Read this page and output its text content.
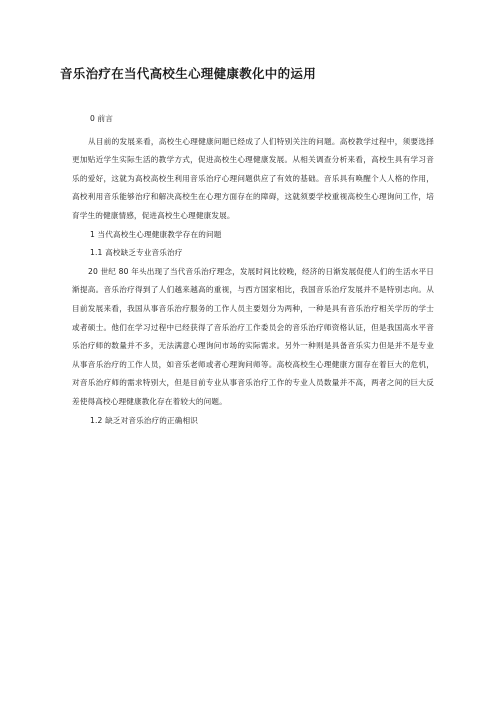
音乐治疗在当代高校生心理健康教化中的运用

0 前言

从目前的发展来看，高校生心理健康问题已经成了人们特别关注的问题。高校教学过程中，须要选择更加贴近学生实际生活的教学方式，促进高校生心理健康发展。从相关调查分析来看，高校生具有学习音乐的爱好，这就为高校高校生利用音乐治疗心理问题供应了有效的基础。音乐具有唤醒个人人格的作用，高校利用音乐能够治疗和解决高校生在心理方面存在的障碍，这就须要学校重视高校生心理询问工作，培育学生的健康情感，促进高校生心理健康发展。

1 当代高校生心理健康教学存在的问题

1.1 高校缺乏专业音乐治疗

20 世纪 80 年头出现了当代音乐治疗理念，发展时间比较晚，经济的日渐发展促使人们的生活水平日渐提高。音乐治疗得到了人们越来越高的重视，与西方国家相比，我国音乐治疗发展并不是特别志向。从目前发展来看，我国从事音乐治疗服务的工作人员主要划分为两种，一种是具有音乐治疗相关学历的学士或者硕士。他们在学习过程中已经获得了音乐治疗工作委员会的音乐治疗师资格认证，但是我国高水平音乐治疗师的数量并不多，无法满意心理询问市场的实际需求。另外一种则是具备音乐实力但是并不是专业从事音乐治疗的工作人员，如音乐老师或者心理询问师等。高校高校生心理健康方面存在着巨大的危机，对音乐治疗师的需求特别大，但是目前专业从事音乐治疗工作的专业人员数量并不高，两者之间的巨大反差使得高校心理健康教化存在着较大的问题。

1.2 缺乏对音乐治疗的正确相识
